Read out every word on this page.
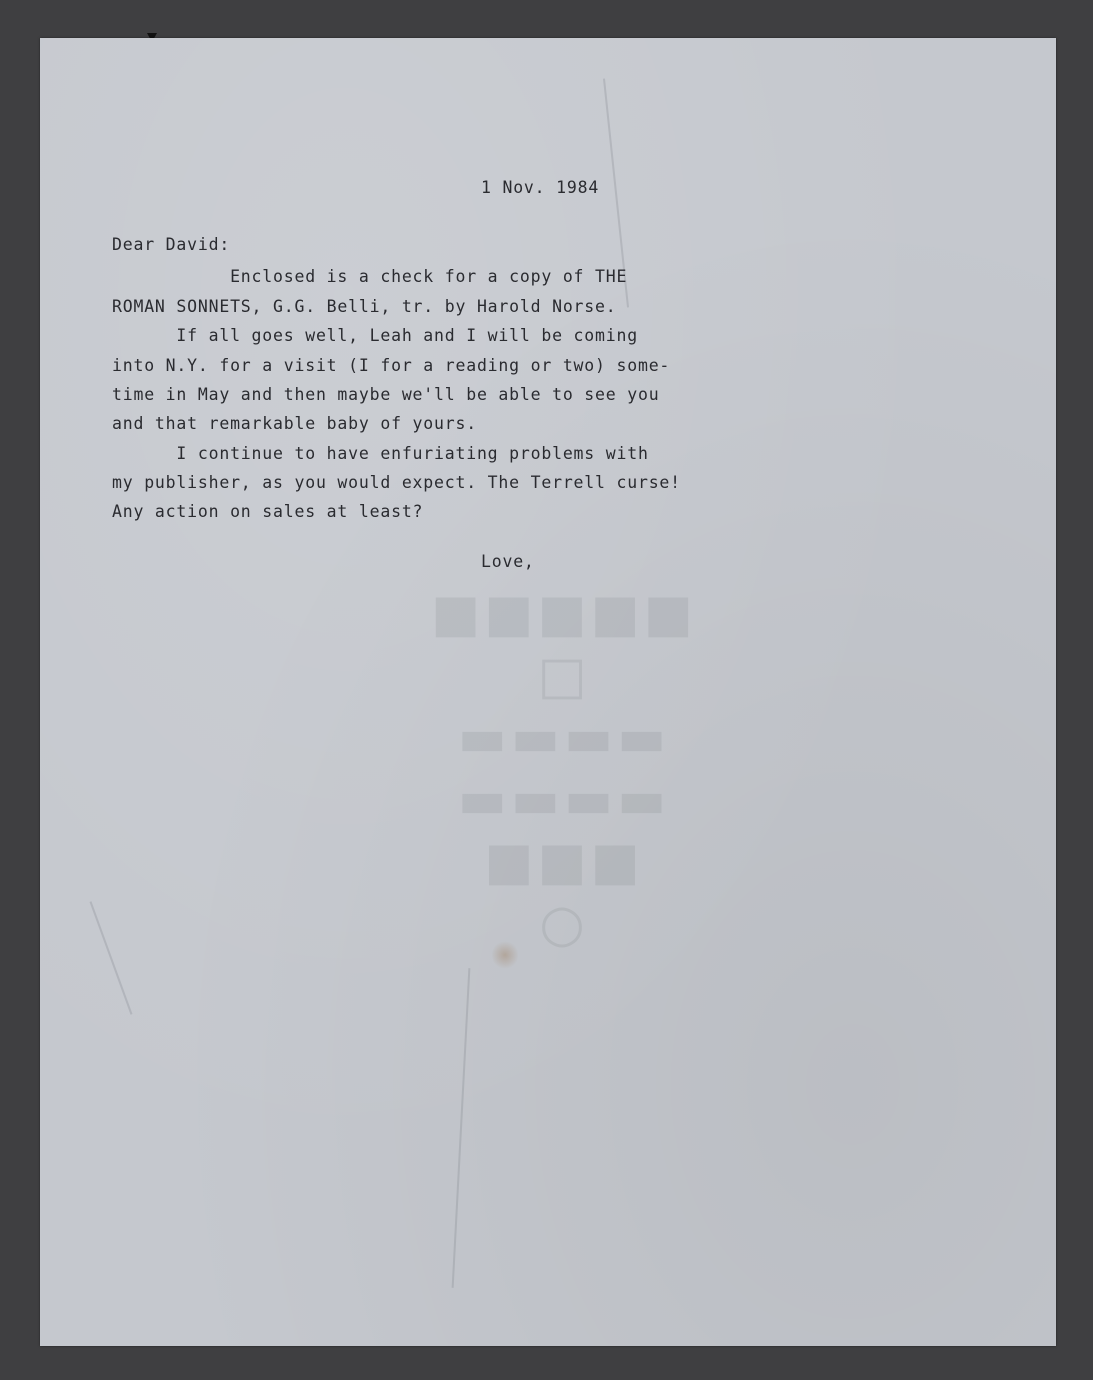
■■■■■
□
▬▬▬▬
▬▬▬▬
■■■
○
1 Nov. 1984
Dear David:
Enclosed is a check for a copy of THE
ROMAN SONNETS, G.G. Belli, tr. by Harold Norse.
If all goes well, Leah and I will be coming
into N.Y. for a visit (I for a reading or two) some-
time in May and then maybe we'll be able to see you
and that remarkable baby of yours.
I continue to have enfuriating problems with
my publisher, as you would expect. The Terrell curse!
Any action on sales at least?
Love,
